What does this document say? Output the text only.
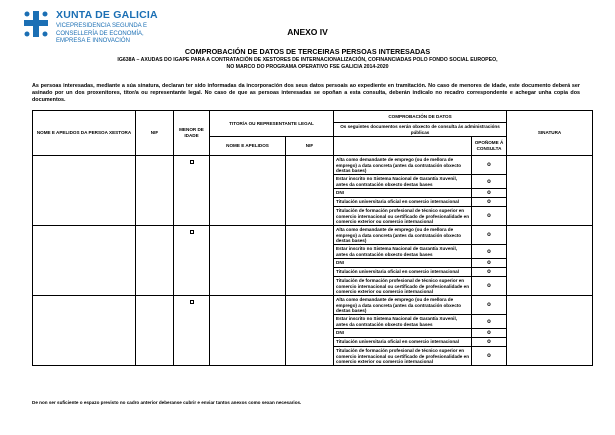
XUNTA DE GALICIA
VICEPRESIDENCIA SEGUNDA E
CONSELLERÍA DE ECONOMÍA,
EMPRESA E INNOVACIÓN
ANEXO IV
COMPROBACIÓN DE DATOS DE TERCEIRAS PERSOAS INTERESADAS
IG638A – AXUDAS DO IGAPE PARA A CONTRATACIÓN DE XESTORES DE INTERNACIONALIZACIÓN, COFINANCIADAS POLO FONDO SOCIAL EUROPEO,
NO MARCO DO PROGRAMA OPERATIVO FSE GALICIA 2014-2020
As persoas interesadas, mediante a súa sinatura, declaran ter sido informadas da incorporación dos seus datos persoais ao expediente en tramitación. No caso de menores de idade, este documento deberá ser asinado por un dos proxenitores, titor/a ou representante legal. No caso de que as persoas interesadas se opoñan a esta consulta, deberán indicalo no recadro correspondente e achegar unha copia dos documentos.
NOME E APELIDOS DA PERSOA XESTORA	NIF	MENOR DE IDADE	TITOR/A OU REPRESENTANTE LEGAL		COMPROBACIÓN DE DATOS		SINATURA
					Os seguintes documentos serán obxecto de consulta ás administracións públicas		
			NOME E APELIDOS	NIF		OPOÑOME Á CONSULTA	
					Alta como demandante de emprego (ou de mellora de emprego) a data concreta (antes da contratación obxecto destas bases)	o	
					Estar inscrito no Sistema Nacional de Garantía Xuvenil, antes da contratación obxecto destas bases	o	
					DNI	o	
					Titulación universitaria oficial en comercio internacional	o	
					Titulación de formación profesional de técnico superior en comercio internacional ou certificado de profesionalidade en comercio exterior ou comercio internacional	o	
					Alta como demandante de emprego (ou de mellora de emprego) a data concreta (antes da contratación obxecto destas bases)	o	
					Estar inscrito no Sistema Nacional de Garantía Xuvenil, antes da contratación obxecto destas bases	o	
					DNI	o	
					Titulación universitaria oficial en comercio internacional	o	
					Titulación de formación profesional de técnico superior en comercio internacional ou certificado de profesionalidade en comercio exterior ou comercio internacional	o	
					Alta como demandante de emprego (ou de mellora de emprego) a data concreta (antes da contratación obxecto destas bases)	o	
					Estar inscrito no Sistema Nacional de Garantía Xuvenil, antes da contratación obxecto destas bases	o	
					DNI	o	
					Titulación universitaria oficial en comercio internacional	o	
					Titulación de formación profesional de técnico superior en comercio internacional ou certificado de profesionalidade en comercio exterior ou comercio internacional	o	
De non ser suficiente o espazo previsto no cadro anterior deberanse cubrir e enviar tantos anexos como sexan necesarios.
